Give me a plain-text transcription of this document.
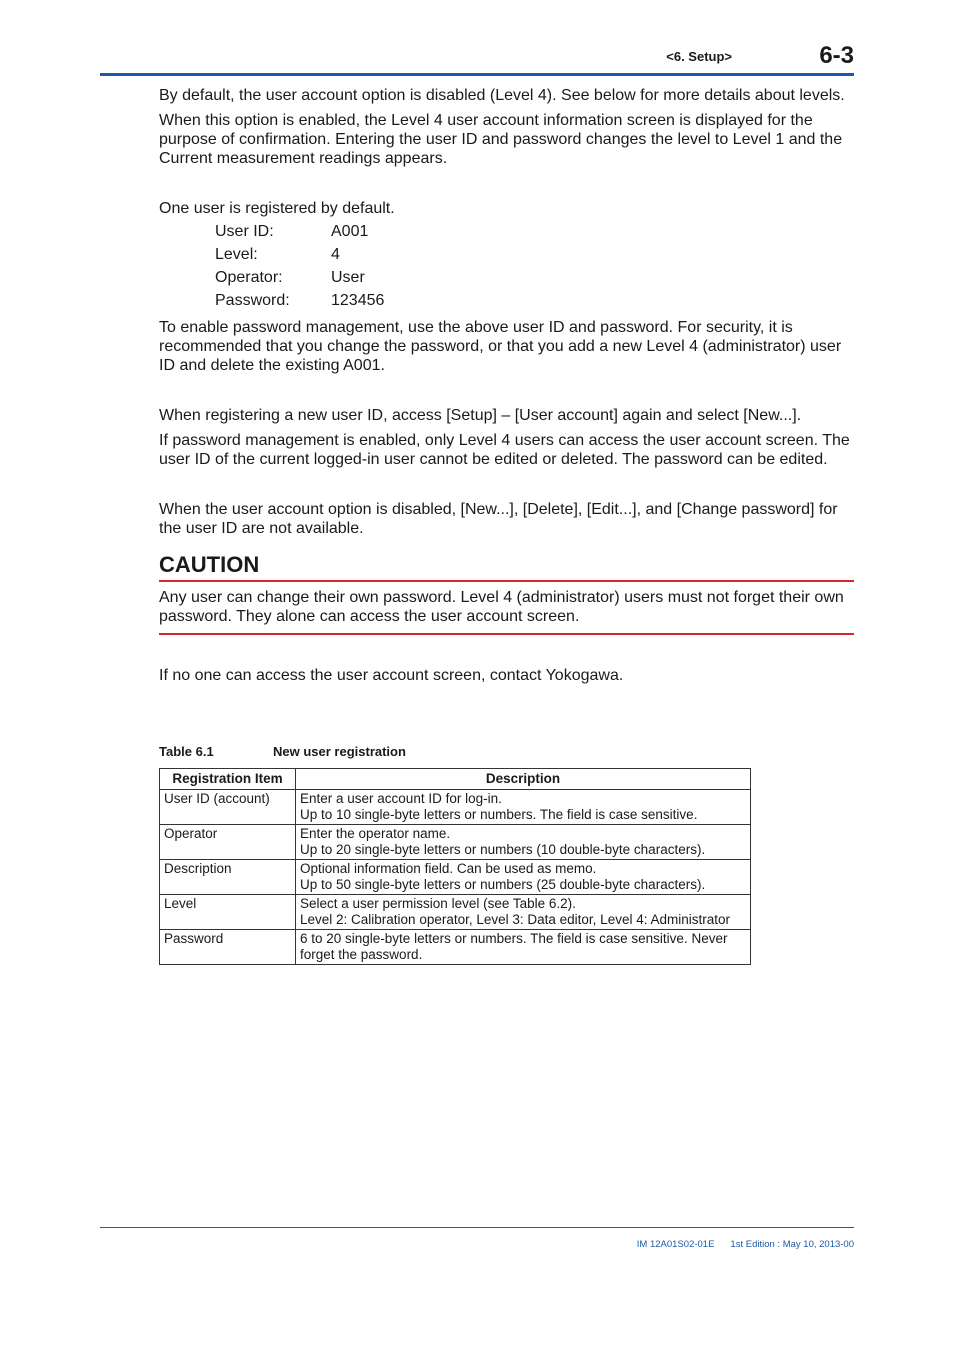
<6. Setup>	6-3

By default, the user account option is disabled (Level 4). See below for more details about levels.

When this option is enabled, the Level 4 user account information screen is displayed for the purpose of confirmation. Entering the user ID and password changes the level to Level 1 and the Current measurement readings appears.

One user is registered by default.

User ID:	A001
Level:	4
Operator:	User
Password:	123456

To enable password management, use the above user ID and password. For security, it is recommended that you change the password, or that you add a new Level 4 (administrator) user ID and delete the existing A001.

When registering a new user ID, access [Setup] – [User account] again and select [New...].

If password management is enabled, only Level 4 users can access the user account screen. The user ID of the current logged-in user cannot be edited or deleted. The password can be edited.

When the user account option is disabled, [New...], [Delete], [Edit...], and [Change password] for the user ID are not available.

CAUTION
Any user can change their own password. Level 4 (administrator) users must not forget their own password. They alone can access the user account screen.

If no one can access the user account screen, contact Yokogawa.

Table 6.1	New user registration
Registration Item	Description
User ID (account)	Enter a user account ID for log-in.
Up to 10 single-byte letters or numbers. The field is case sensitive.

Operator	Enter the operator name.
Up to 20 single-byte letters or numbers (10 double-byte characters).

Description	Optional information field. Can be used as memo.
Up to 50 single-byte letters or numbers (25 double-byte characters).

Level	Select a user permission level (see Table 6.2).
Level 2: Calibration operator, Level 3: Data editor, Level 4: Administrator

Password	6 to 20 single-byte letters or numbers. The field is case sensitive. Never forget the password.
IM 12A01S02-01E 1st Edition : May 10, 2013-00
